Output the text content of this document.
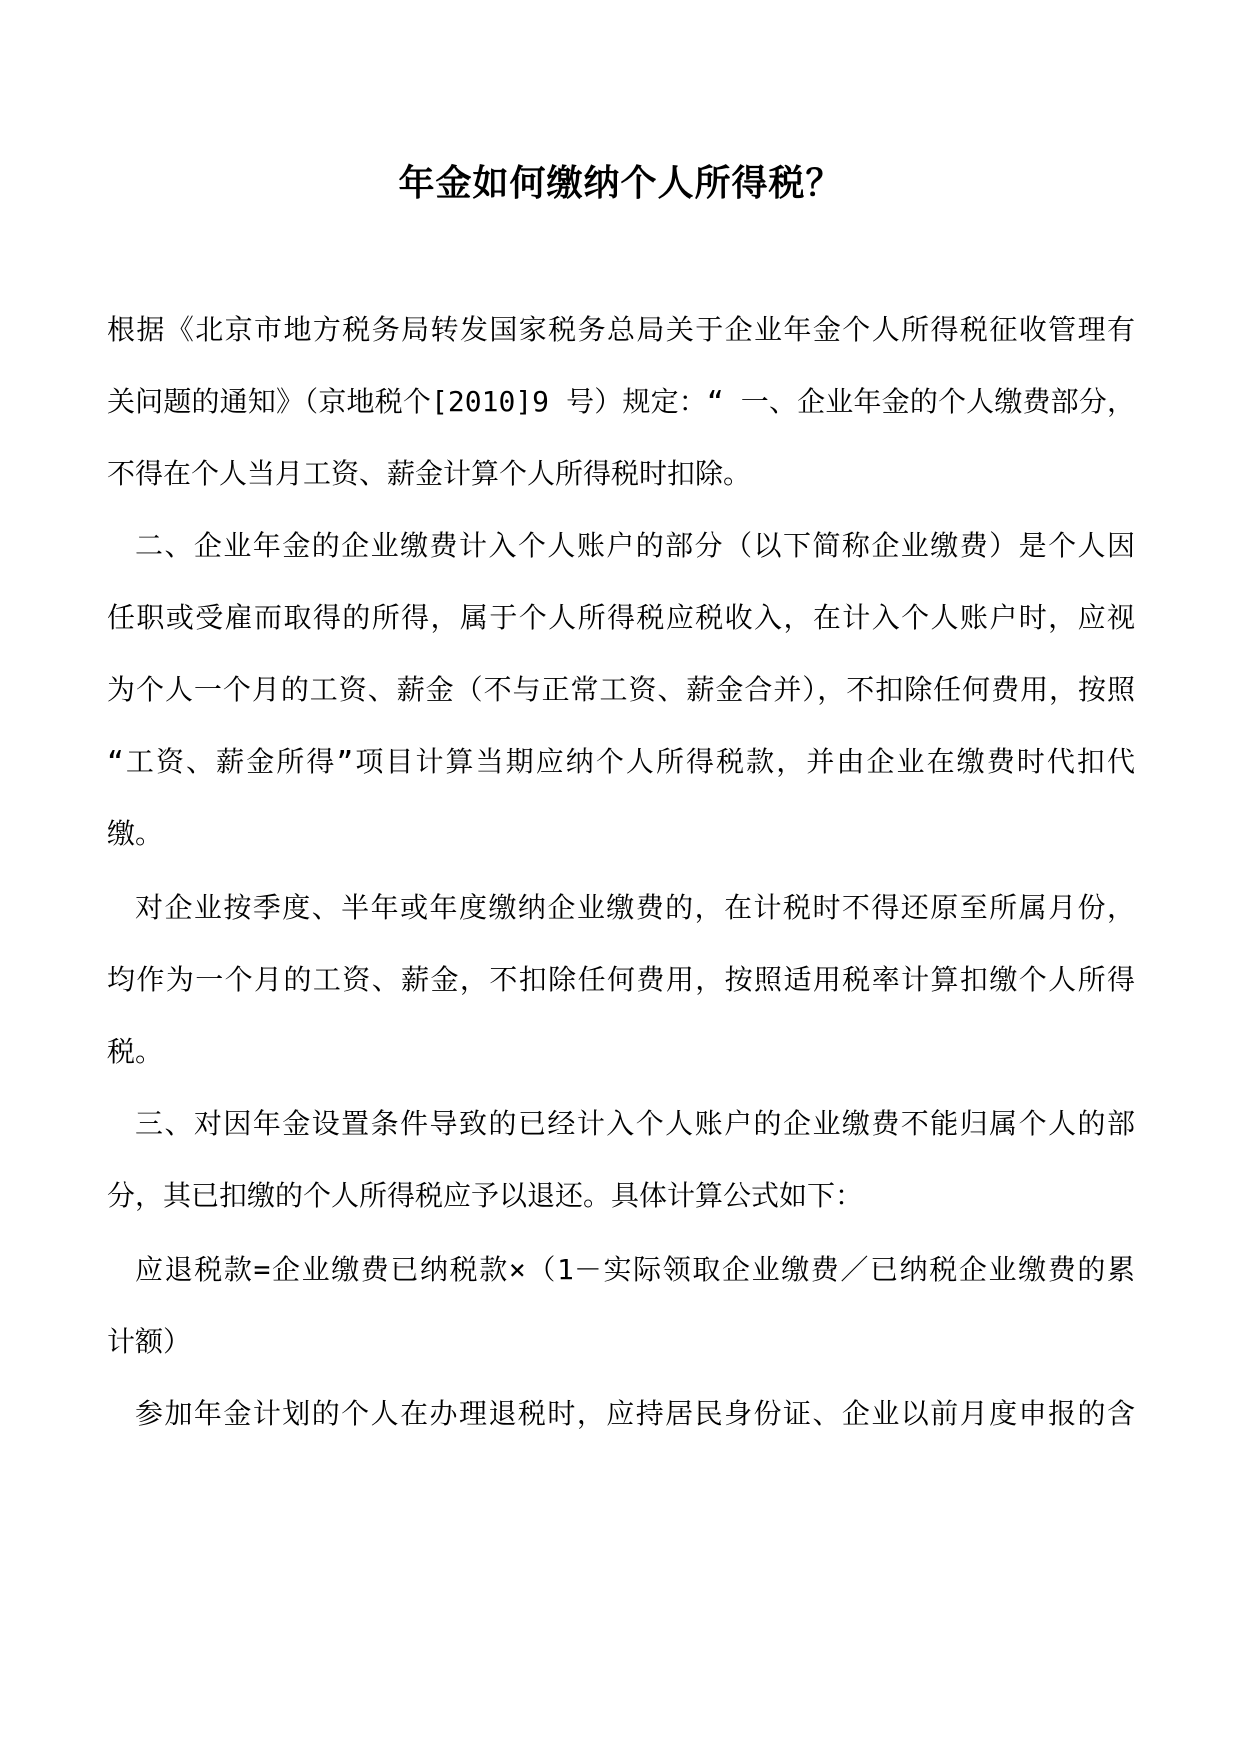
年金如何缴纳个人所得税？

根据《北京市地方税务局转发国家税务总局关于企业年金个人所得税征收管理有

关问题的通知》（京地税个[2010]9 号）规定：“ 一、企业年金的个人缴费部分，

不得在个人当月工资、薪金计算个人所得税时扣除。

二、企业年金的企业缴费计入个人账户的部分（以下简称企业缴费）是个人因

任职或受雇而取得的所得，属于个人所得税应税收入，在计入个人账户时，应视

为个人一个月的工资、薪金（不与正常工资、薪金合并），不扣除任何费用，按照

“工资、薪金所得”项目计算当期应纳个人所得税款，并由企业在缴费时代扣代

缴。

对企业按季度、半年或年度缴纳企业缴费的，在计税时不得还原至所属月份，

均作为一个月的工资、薪金，不扣除任何费用，按照适用税率计算扣缴个人所得

税。

三、对因年金设置条件导致的已经计入个人账户的企业缴费不能归属个人的部

分，其已扣缴的个人所得税应予以退还。具体计算公式如下：

应退税款=企业缴费已纳税款×（1－实际领取企业缴费／已纳税企业缴费的累

计额）

参加年金计划的个人在办理退税时，应持居民身份证、企业以前月度申报的含
